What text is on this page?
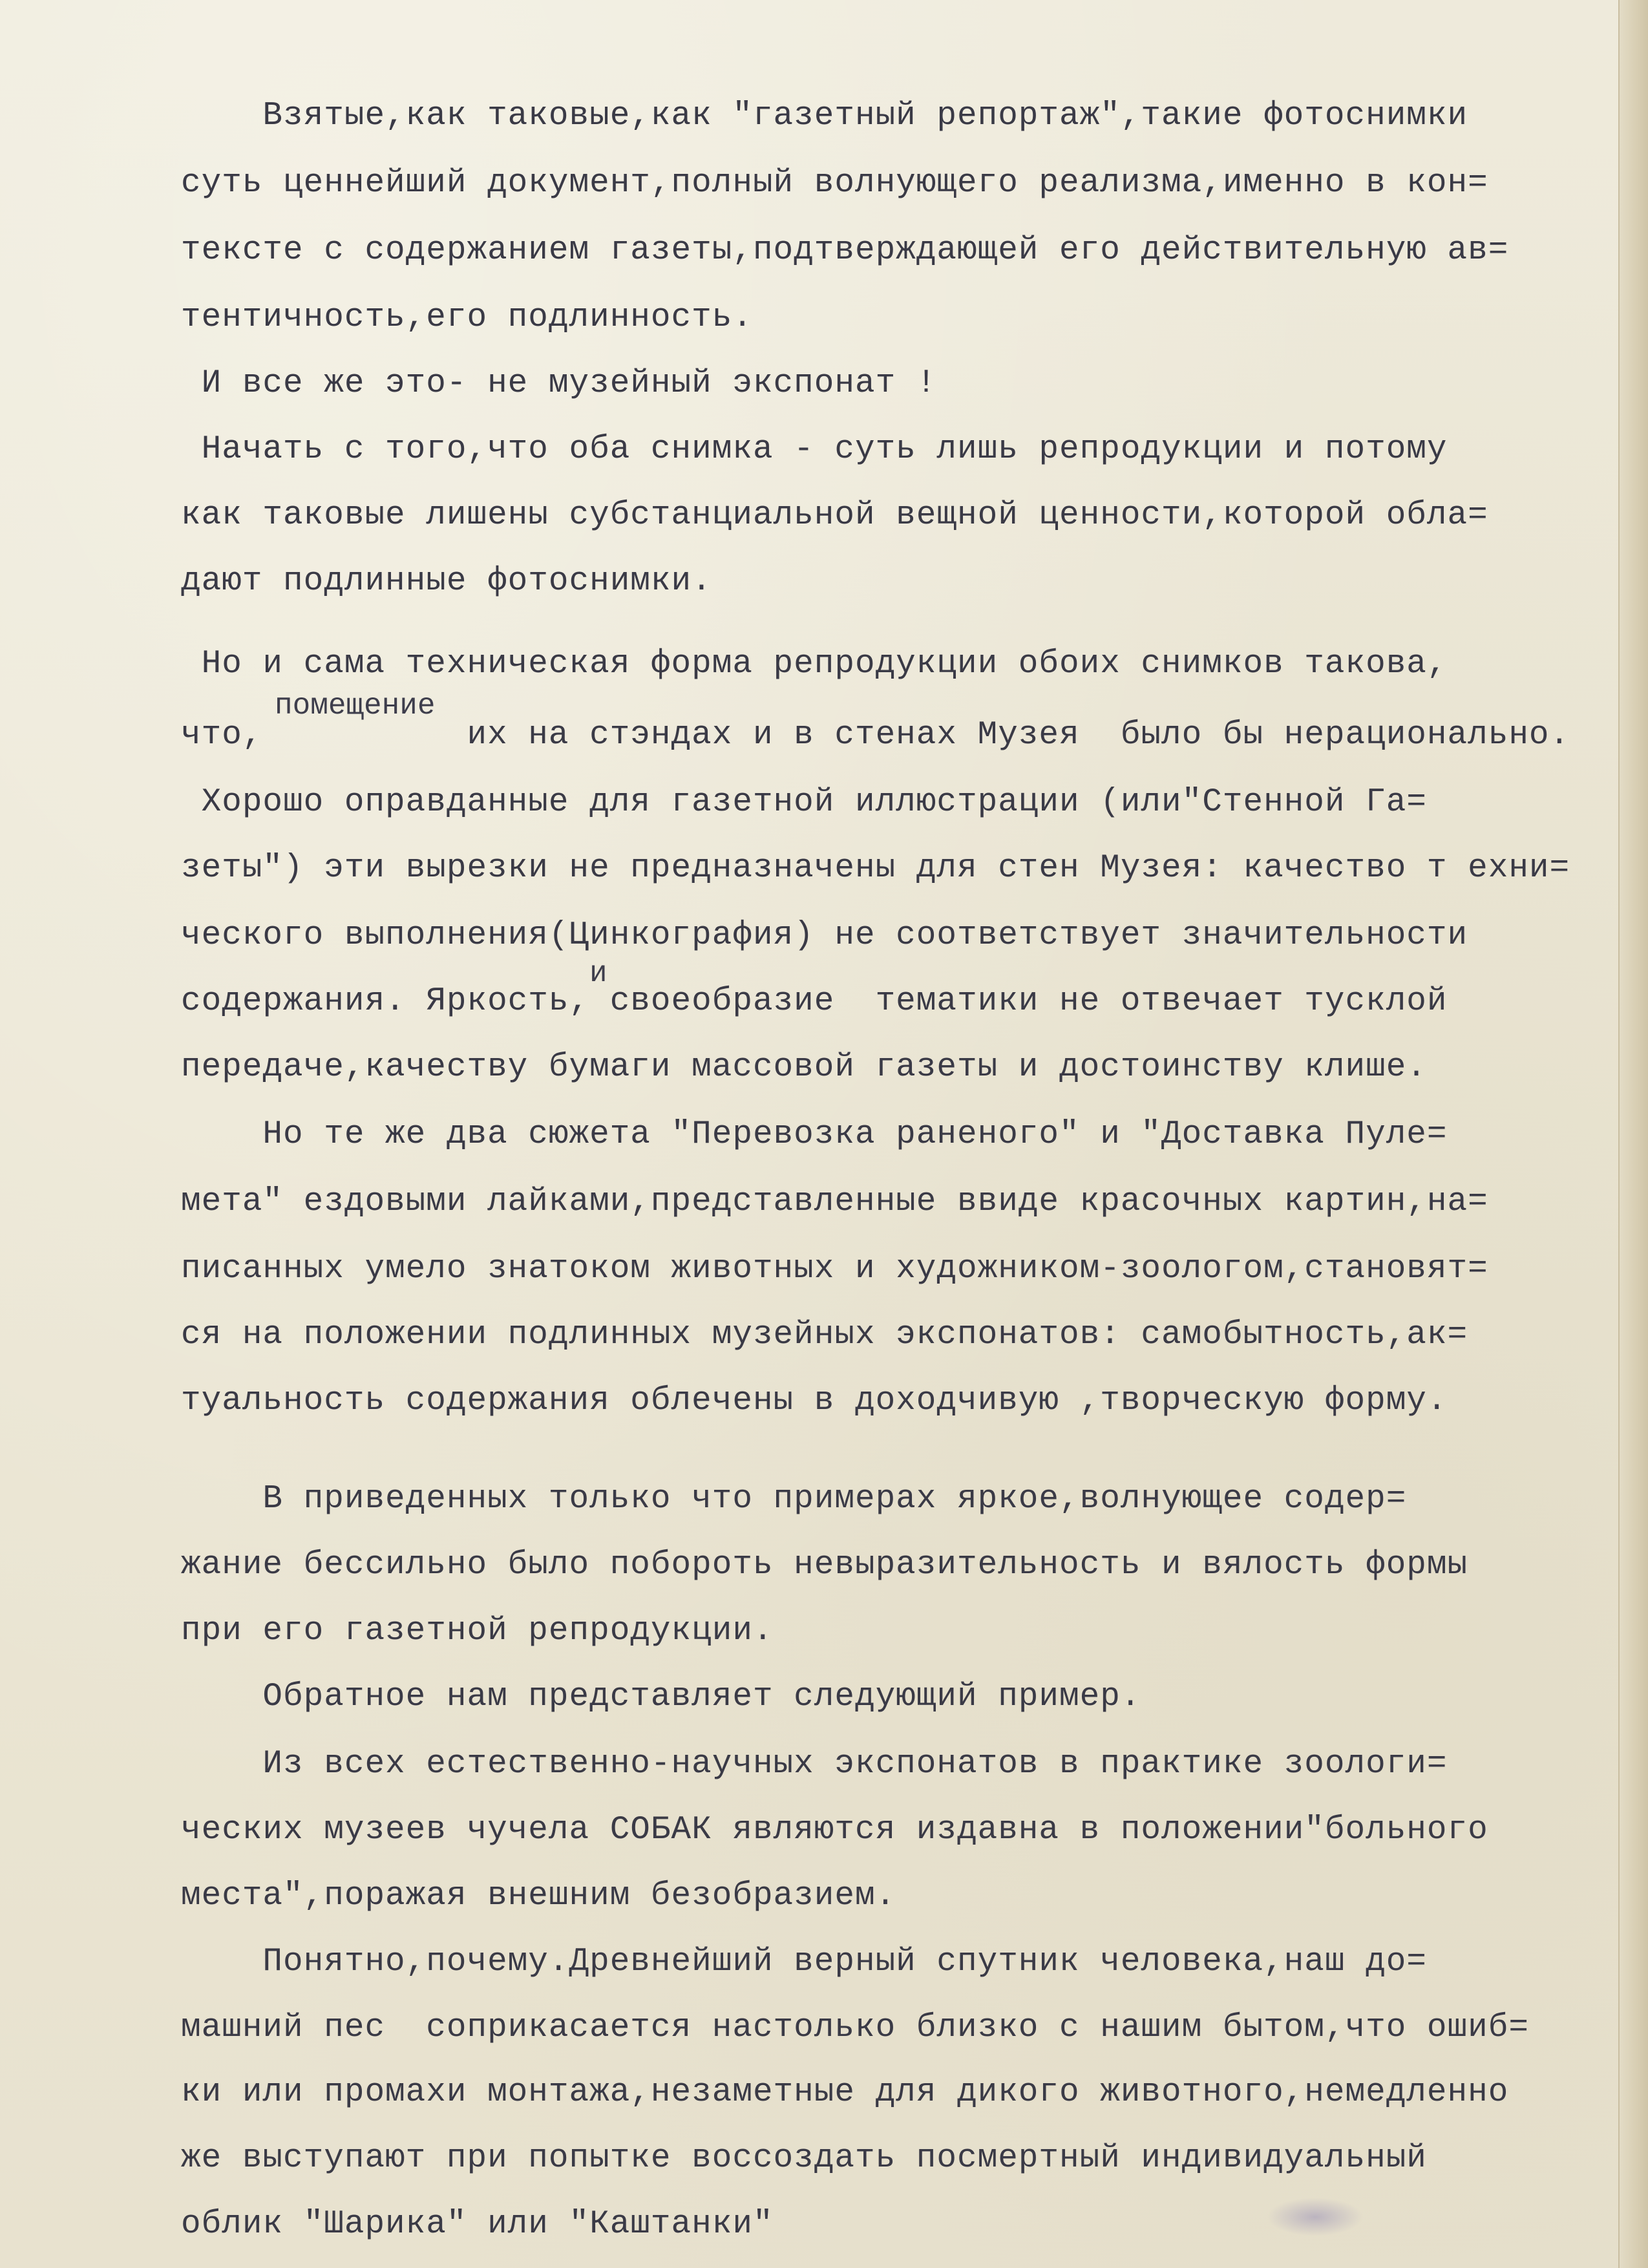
Взятые,как таковые,как "газетный репортаж",такие фотоснимки
суть ценнейший документ,полный волнующего реализма,именно в кон=
тексте с содержанием газеты,подтверждающей его действительную ав=
тентичность,его подлинность.
И все же это- не музейный экспонат !
Начать с того,что оба снимка - суть лишь репродукции и потому
как таковые лишены субстанциальной вещной ценности,которой обла=
дают подлинные фотоснимки.
Но и сама техническая форма репродукции обоих снимков такова,
что,          их на стэндах и в стенах Музея  было бы нерационально.
Хорошо оправданные для газетной иллюстрации (или"Стенной Га=
зеты") эти вырезки не предназначены для стен Музея: качество т ехни=
ческого выполнения(Цинкография) не соответствует значительности
содержания. Яркость, своеобразие  тематики не отвечает тусклой
передаче,качеству бумаги массовой газеты и достоинству клише.
Но те же два сюжета "Перевозка раненого" и "Доставка Пуле=
мета" ездовыми лайками,представленные ввиде красочных картин,на=
писанных умело знатоком животных и художником-зоологом,становят=
ся на положении подлинных музейных экспонатов: самобытность,ак=
туальность содержания облечены в доходчивую ,творческую форму.
В приведенных только что примерах яркое,волнующее содер=
жание бессильно было побороть невыразительность и вялость формы
при его газетной репродукции.
Обратное нам представляет следующий пример.
Из всех естественно-научных экспонатов в практике зоологи=
ческих музеев чучела СОБАК являются издавна в положении"больного
места",поражая внешним безобразием.
Понятно,почему.Древнейший верный спутник человека,наш до=
машний пес  соприкасается настолько близко с нашим бытом,что ошиб=
ки или промахи монтажа,незаметные для дикого животного,немедленно
же выступают при попытке воссоздать посмертный индивидуальный
облик "Шарика" или "Каштанки"
помещение
и
